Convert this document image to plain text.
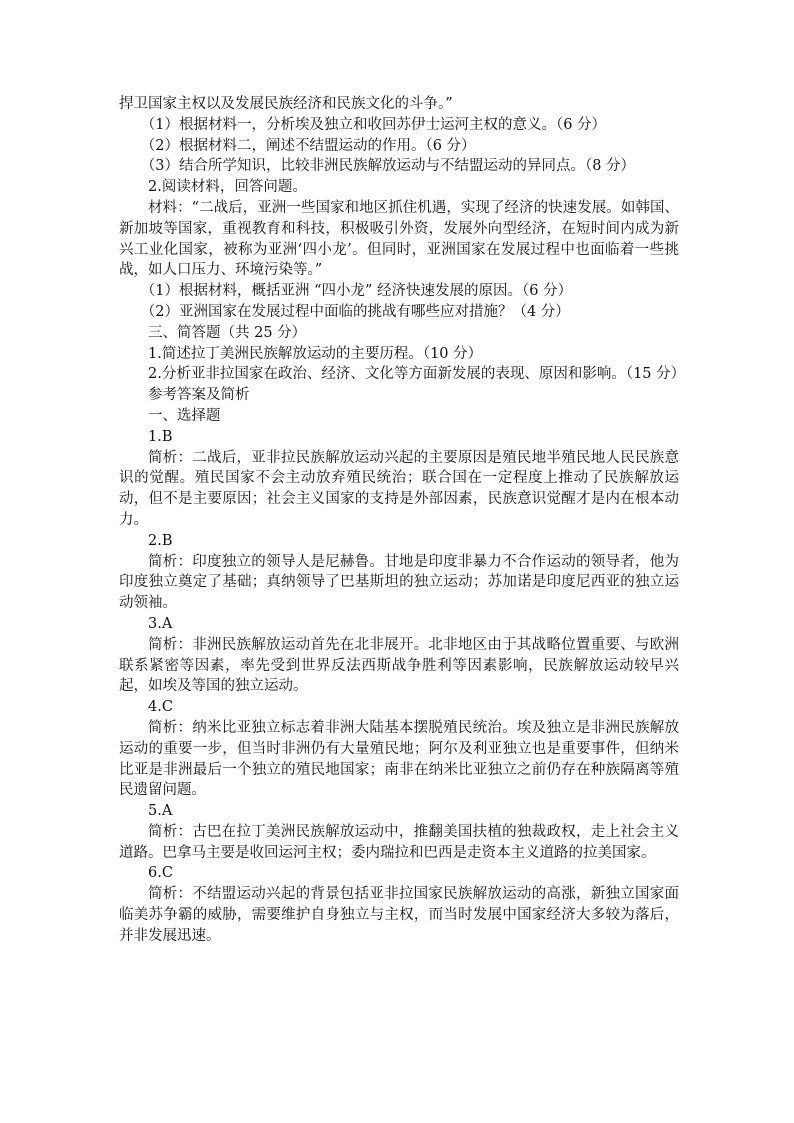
捍卫国家主权以及发展民族经济和民族文化的斗争。”

（1）根据材料一，分析埃及独立和收回苏伊士运河主权的意义。（6 分）

（2）根据材料二，阐述不结盟运动的作用。（6 分）

（3）结合所学知识，比较非洲民族解放运动与不结盟运动的异同点。（8 分）

2.阅读材料，回答问题。

材料：“二战后，亚洲一些国家和地区抓住机遇，实现了经济的快速发展。如韩国、新加坡等国家，重视教育和科技，积极吸引外资，发展外向型经济，在短时间内成为新兴工业化国家，被称为亚洲‘四小龙’。但同时，亚洲国家在发展过程中也面临着一些挑战，如人口压力、环境污染等。”

（1）根据材料，概括亚洲 “四小龙” 经济快速发展的原因。（6 分）

（2）亚洲国家在发展过程中面临的挑战有哪些应对措施？（4 分）

三、简答题（共 25 分）

1.简述拉丁美洲民族解放运动的主要历程。（10 分）

2.分析亚非拉国家在政治、经济、文化等方面新发展的表现、原因和影响。（15 分）

参考答案及简析

一、选择题

1.B

简析：二战后，亚非拉民族解放运动兴起的主要原因是殖民地半殖民地人民民族意识的觉醒。殖民国家不会主动放弃殖民统治；联合国在一定程度上推动了民族解放运动，但不是主要原因；社会主义国家的支持是外部因素，民族意识觉醒才是内在根本动力。

2.B

简析：印度独立的领导人是尼赫鲁。甘地是印度非暴力不合作运动的领导者，他为印度独立奠定了基础；真纳领导了巴基斯坦的独立运动；苏加诺是印度尼西亚的独立运动领袖。

3.A

简析：非洲民族解放运动首先在北非展开。北非地区由于其战略位置重要、与欧洲联系紧密等因素，率先受到世界反法西斯战争胜利等因素影响，民族解放运动较早兴起，如埃及等国的独立运动。

4.C

简析：纳米比亚独立标志着非洲大陆基本摆脱殖民统治。埃及独立是非洲民族解放运动的重要一步，但当时非洲仍有大量殖民地；阿尔及利亚独立也是重要事件，但纳米比亚是非洲最后一个独立的殖民地国家；南非在纳米比亚独立之前仍存在种族隔离等殖民遗留问题。

5.A

简析：古巴在拉丁美洲民族解放运动中，推翻美国扶植的独裁政权，走上社会主义道路。巴拿马主要是收回运河主权；委内瑞拉和巴西是走资本主义道路的拉美国家。

6.C

简析：不结盟运动兴起的背景包括亚非拉国家民族解放运动的高涨，新独立国家面临美苏争霸的威胁，需要维护自身独立与主权，而当时发展中国家经济大多较为落后，并非发展迅速。
